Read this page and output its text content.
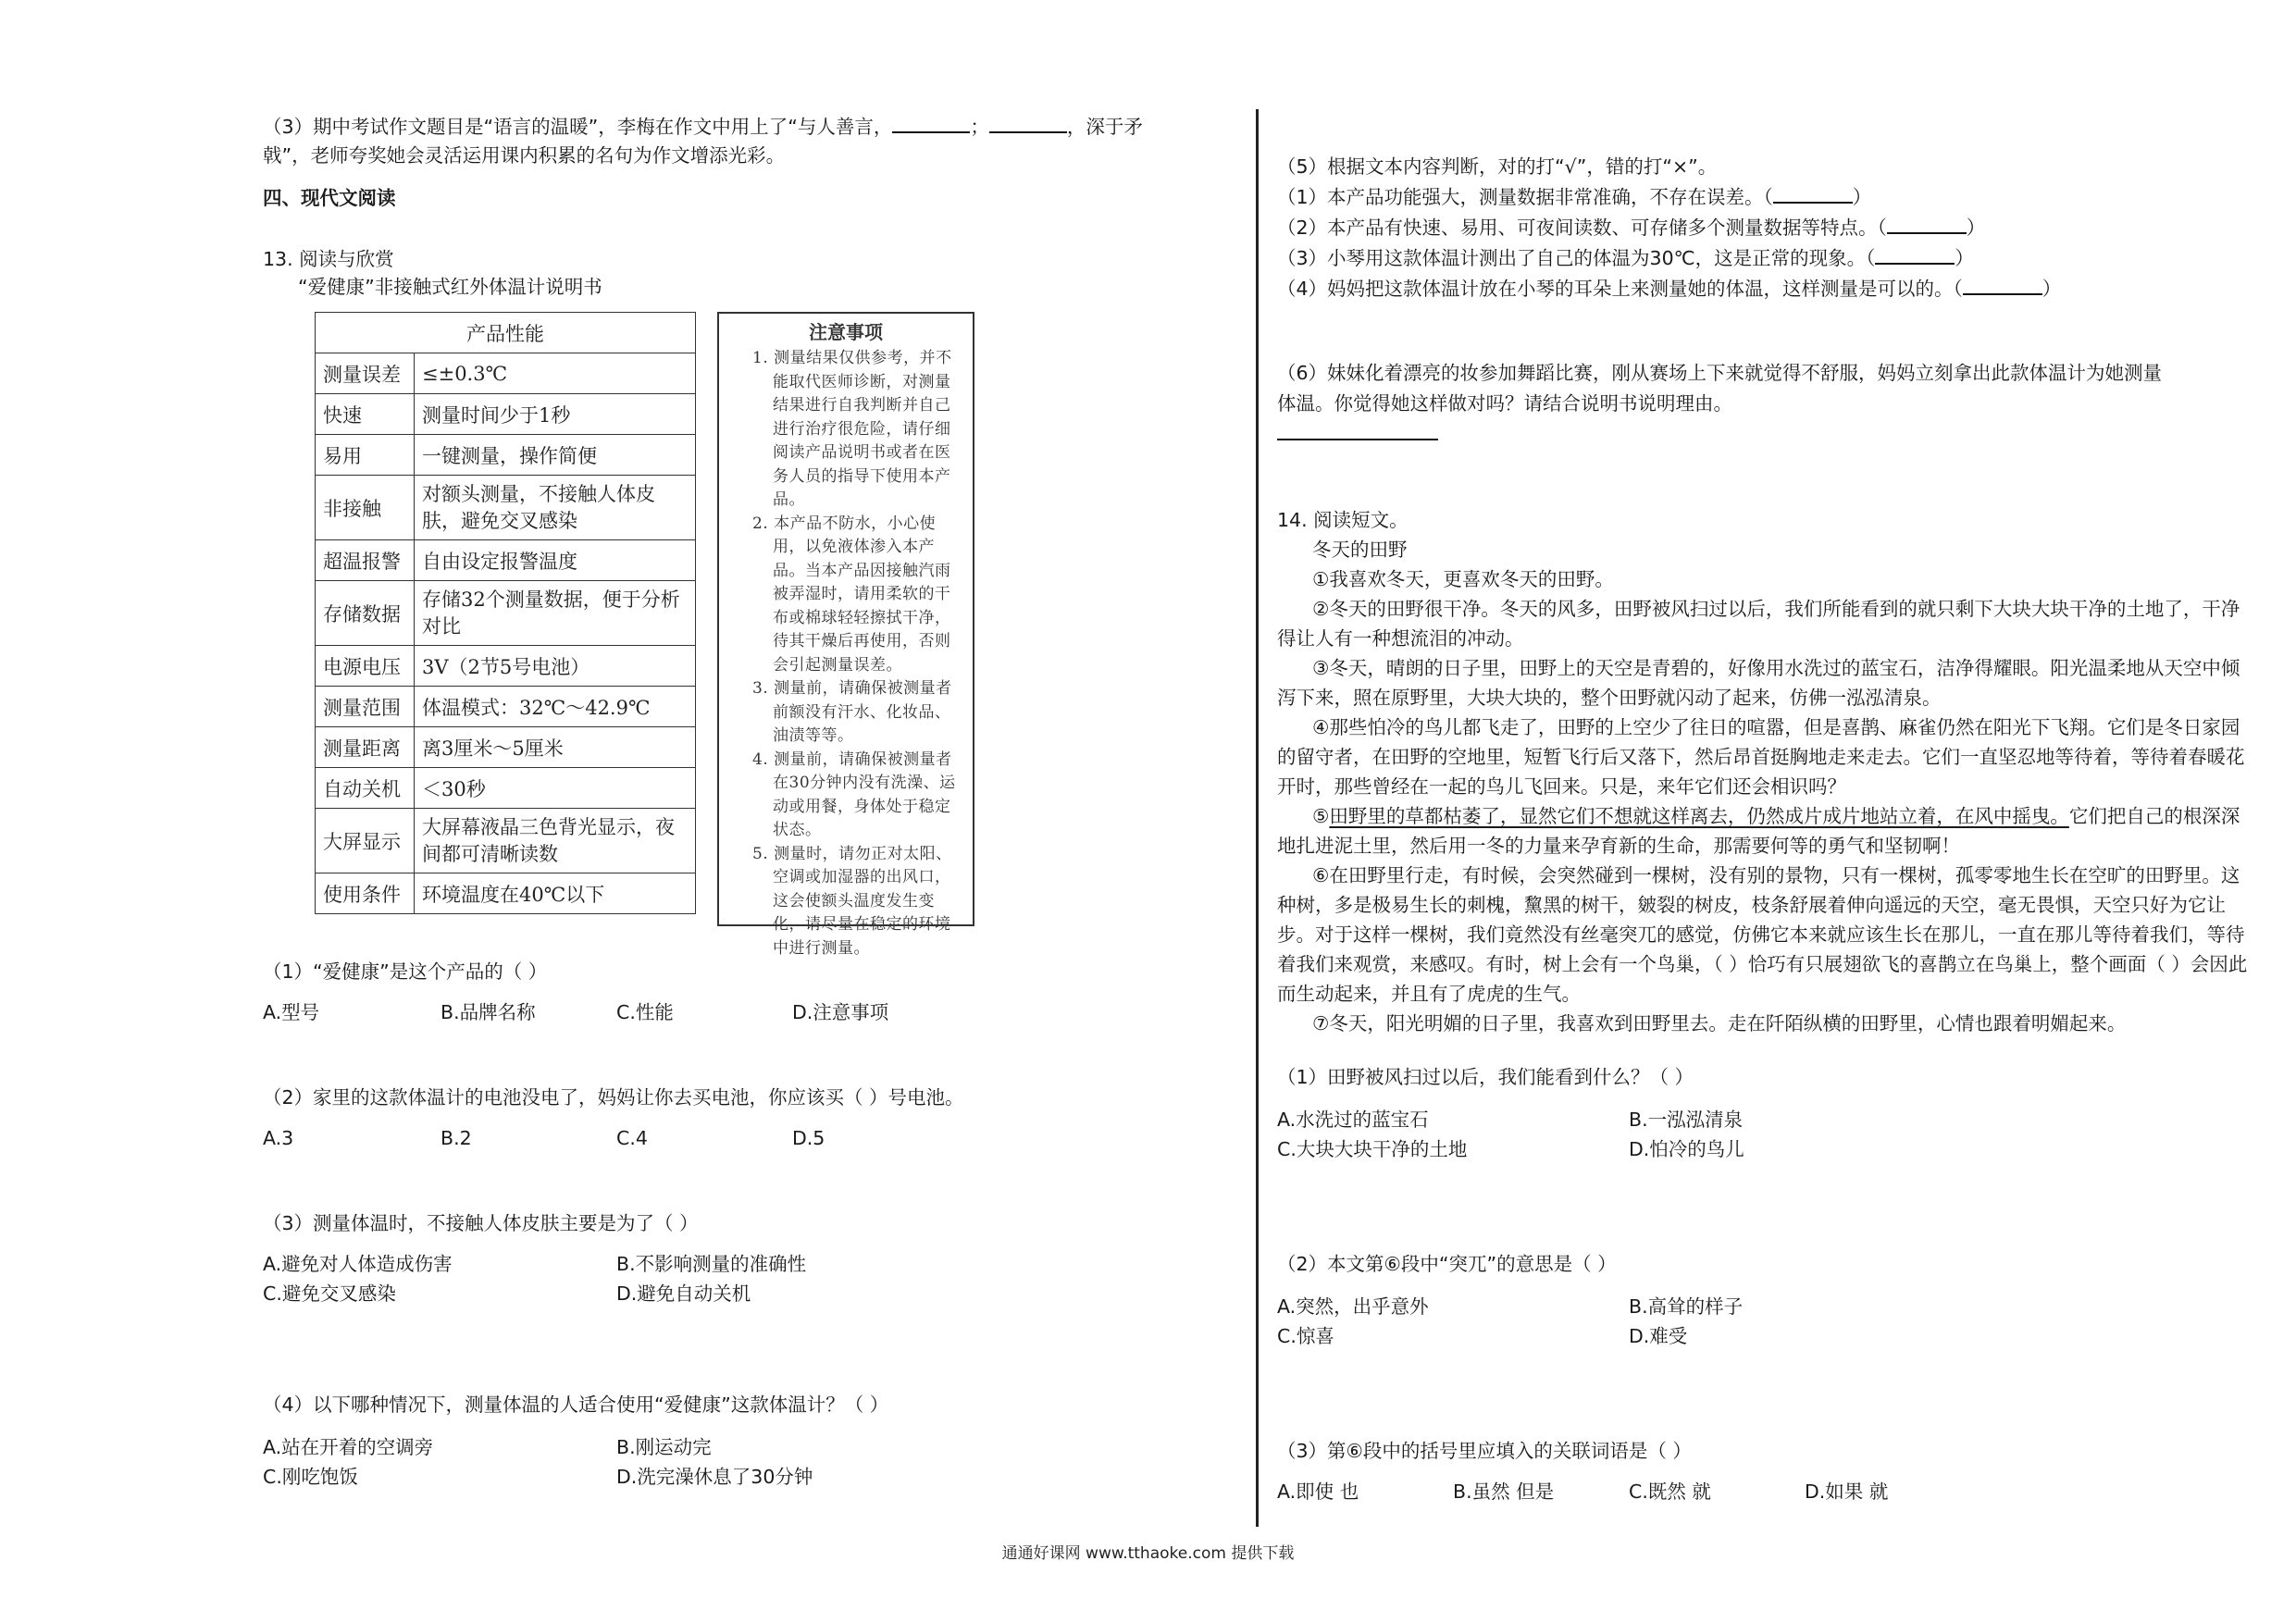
（3）期中考试作文题目是“语言的温暖”，李梅在作文中用上了“与人善言，	；	，深于矛
戟”，老师夸奖她会灵活运用课内积累的名句为作文增添光彩。
四、现代文阅读
13. 阅读与欣赏
“爱健康”非接触式红外体温计说明书
产品性能	
测量误差	≤±0.3℃
快速	测量时间少于1秒
易用	一键测量，操作简便
非接触	对额头测量，不接触人体皮肤，避免交叉感染
超温报警	自由设定报警温度
存储数据	存储32个测量数据，便于分析对比
电源电压	3V（2节5号电池）
测量范围	体温模式：32℃～42.9℃
测量距离	离3厘米～5厘米
自动关机	＜30秒
大屏显示	大屏幕液晶三色背光显示，夜间都可清晰读数
使用条件	环境温度在40℃以下
注意事项
1. 测量结果仅供参考，并不能取代医师诊断，对测量结果进行自我判断并自己进行治疗很危险，请仔细阅读产品说明书或者在医务人员的指导下使用本产品。
2. 本产品不防水，小心使用，以免液体渗入本产品。当本产品因接触汽雨被弄湿时，请用柔软的干布或棉球轻轻擦拭干净，待其干燥后再使用，否则会引起测量误差。
3. 测量前，请确保被测量者前额没有汗水、化妆品、油渍等等。
4. 测量前，请确保被测量者在30分钟内没有洗澡、运动或用餐，身体处于稳定状态。
5. 测量时，请勿正对太阳、空调或加湿器的出风口，这会使额头温度发生变化，请尽量在稳定的环境中进行测量。
（1）“爱健康”是这个产品的（ ）
A.型号	B.品牌名称	C.性能	D.注意事项
（2）家里的这款体温计的电池没电了，妈妈让你去买电池，你应该买（ ）号电池。
A.3	B.2	C.4	D.5
（3）测量体温时，不接触人体皮肤主要是为了（ ）
A.避免对人体造成伤害	B.不影响测量的准确性
C.避免交叉感染	D.避免自动关机
（4）以下哪种情况下，测量体温的人适合使用“爱健康”这款体温计？（ ）
A.站在开着的空调旁	B.刚运动完
C.刚吃饱饭	D.洗完澡休息了30分钟
（5）根据文本内容判断，对的打“√”，错的打“×”。
（1）本产品功能强大，测量数据非常准确，不存在误差。（	）
（2）本产品有快速、易用、可夜间读数、可存储多个测量数据等特点。（	）
（3）小琴用这款体温计测出了自己的体温为30℃，这是正常的现象。（	）
（4）妈妈把这款体温计放在小琴的耳朵上来测量她的体温，这样测量是可以的。（	）
（6）妹妹化着漂亮的妆参加舞蹈比赛，刚从赛场上下来就觉得不舒服，妈妈立刻拿出此款体温计为她测量
体温。你觉得她这样做对吗？请结合说明书说明理由。
14. 阅读短文。
冬天的田野
①我喜欢冬天，更喜欢冬天的田野。
②冬天的田野很干净。冬天的风多，田野被风扫过以后，我们所能看到的就只剩下大块大块干净的土地了，干净得让人有一种想流泪的冲动。
③冬天，晴朗的日子里，田野上的天空是青碧的，好像用水洗过的蓝宝石，洁净得耀眼。阳光温柔地从天空中倾泻下来，照在原野里，大块大块的，整个田野就闪动了起来，仿佛一泓泓清泉。
④那些怕冷的鸟儿都飞走了，田野的上空少了往日的喧嚣，但是喜鹊、麻雀仍然在阳光下飞翔。它们是冬日家园的留守者，在田野的空地里，短暂飞行后又落下，然后昂首挺胸地走来走去。它们一直坚忍地等待着，等待着春暖花开时，那些曾经在一起的鸟儿飞回来。只是，来年它们还会相识吗？
⑤田野里的草都枯萎了，显然它们不想就这样离去，仍然成片成片地站立着，在风中摇曳。它们把自己的根深深地扎进泥土里，然后用一冬的力量来孕育新的生命，那需要何等的勇气和坚韧啊！
⑥在田野里行走，有时候，会突然碰到一棵树，没有别的景物，只有一棵树，孤零零地生长在空旷的田野里。这种树，多是极易生长的刺槐，黧黑的树干，皴裂的树皮，枝条舒展着伸向遥远的天空，毫无畏惧，天空只好为它让步。对于这样一棵树，我们竟然没有丝毫突兀的感觉，仿佛它本来就应该生长在那儿，一直在那儿等待着我们，等待着我们来观赏，来感叹。有时，树上会有一个鸟巢，（ ）恰巧有只展翅欲飞的喜鹊立在鸟巢上，整个画面（ ）会因此而生动起来，并且有了虎虎的生气。
⑦冬天，阳光明媚的日子里，我喜欢到田野里去。走在阡陌纵横的田野里，心情也跟着明媚起来。
（1）田野被风扫过以后，我们能看到什么？（ ）
A.水洗过的蓝宝石	B.一泓泓清泉
C.大块大块干净的土地	D.怕冷的鸟儿
（2）本文第⑥段中“突兀”的意思是（ ）
A.突然，出乎意外	B.高耸的样子
C.惊喜	D.难受
（3）第⑥段中的括号里应填入的关联词语是（ ）
A.即使 也	B.虽然 但是	C.既然 就	D.如果 就
通通好课网 www.tthaoke.com 提供下载
